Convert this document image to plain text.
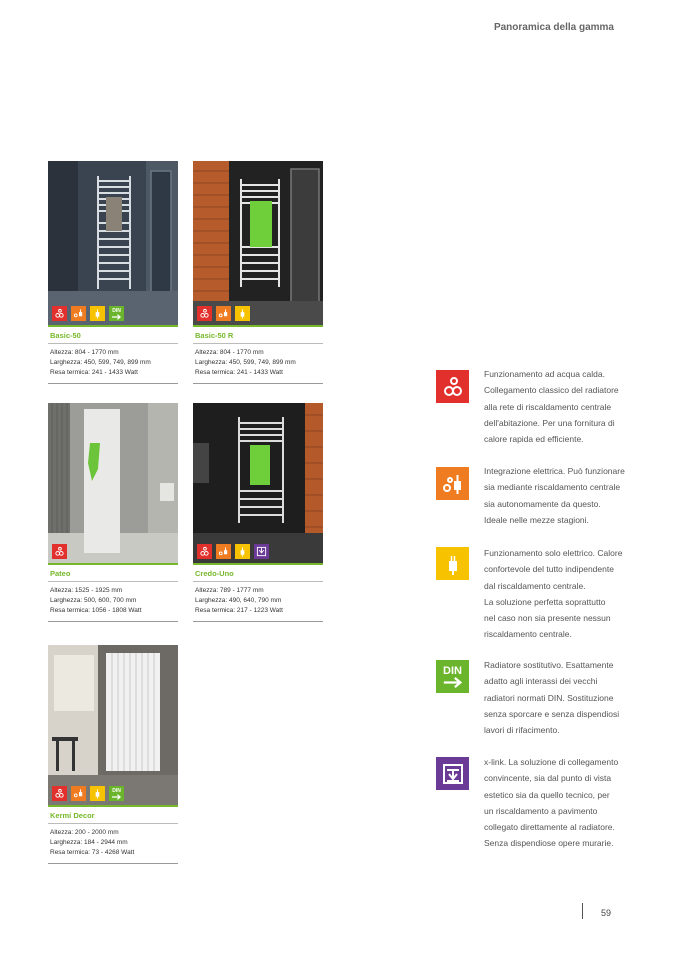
Panoramica della gamma
DIN
Basic-50
Altezza: 804 - 1770 mm
Larghezza: 450, 599, 749, 899 mm
Resa termica: 241 - 1433 Watt
Basic-50 R
Altezza: 804 - 1770 mm
Larghezza: 450, 599, 749, 899 mm
Resa termica: 241 - 1433 Watt
Pateo
Altezza: 1525 - 1925 mm
Larghezza: 500, 600, 700 mm
Resa termica: 1056 - 1808 Watt
Credo-Uno
Altezza: 789 - 1777 mm
Larghezza: 490, 640, 790 mm
Resa termica: 217 - 1223 Watt
DIN
Kermi Decor
Altezza: 200 - 2000 mm
Larghezza: 184 - 2944 mm
Resa termica: 73 - 4268 Watt
Funzionamento ad acqua calda.
Collegamento classico del radiatore
alla rete di riscaldamento centrale
dell'abitazione. Per una fornitura di
calore rapida ed efficiente.
Integrazione elettrica. Può funzionare
sia mediante riscaldamento centrale
sia autonomamente da questo.
Ideale nelle mezze stagioni.
Funzionamento solo elettrico. Calore
confortevole del tutto indipendente
dal riscaldamento centrale.
La soluzione perfetta soprattutto
nel caso non sia presente nessun
riscaldamento centrale.
DIN	Radiatore sostitutivo. Esattamente
adatto agli interassi dei vecchi
radiatori normati DIN. Sostituzione
senza sporcare e senza dispendiosi
lavori di rifacimento.
x-link. La soluzione di collegamento
convincente, sia dal punto di vista
estetico sia da quello tecnico, per
un riscaldamento a pavimento
collegato direttamente al radiatore.
Senza dispendiose opere murarie.
59
